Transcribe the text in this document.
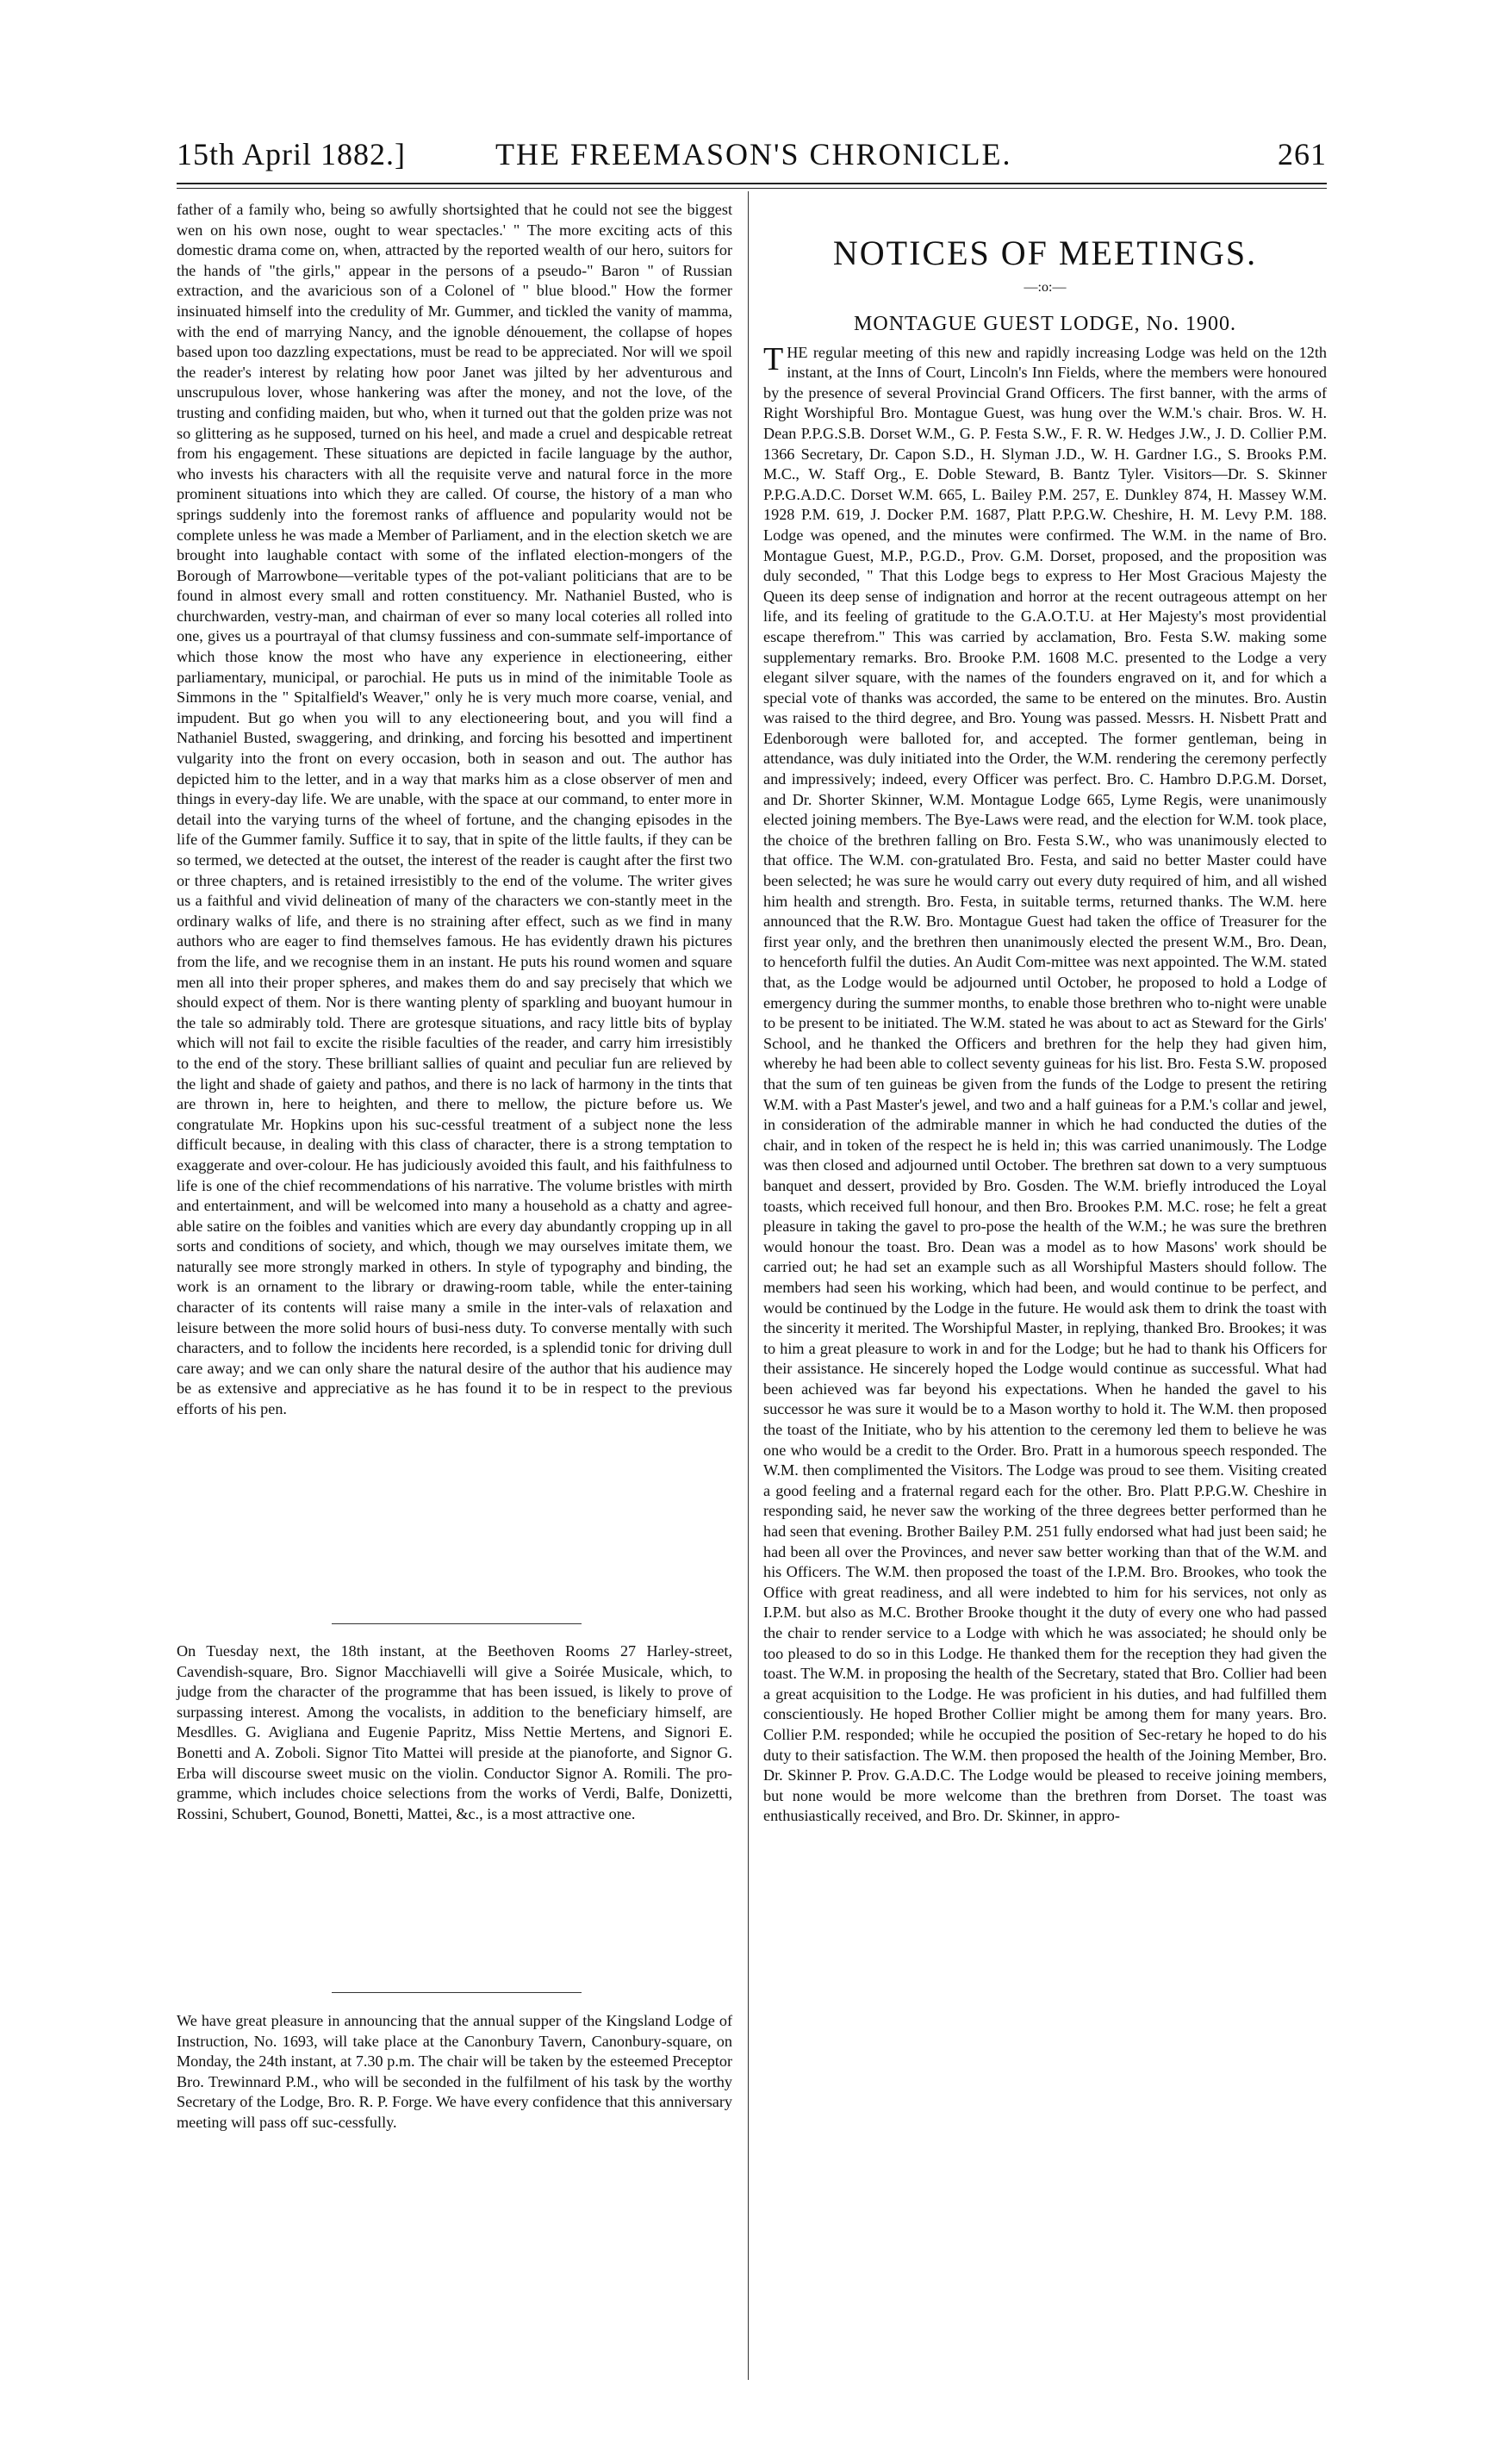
15th April 1882.]	THE FREEMASON'S CHRONICLE.	261

father of a family who, being so awfully shortsighted that he could not see the biggest wen on his own nose, ought to wear spectacles.' " The more exciting acts of this domestic drama come on, when, attracted by the reported wealth of our hero, suitors for the hands of "the girls," appear in the persons of a pseudo-" Baron " of Russian extraction, and the avaricious son of a Colonel of " blue blood." How the former insinuated himself into the credulity of Mr. Gummer, and tickled the vanity of mamma, with the end of marrying Nancy, and the ignoble dénouement, the collapse of hopes based upon too dazzling expectations, must be read to be appreciated. Nor will we spoil the reader's interest by relating how poor Janet was jilted by her adventurous and unscrupulous lover, whose hankering was after the money, and not the love, of the trusting and confiding maiden, but who, when it turned out that the golden prize was not so glittering as he supposed, turned on his heel, and made a cruel and despicable retreat from his engagement. These situations are depicted in facile language by the author, who invests his characters with all the requisite verve and natural force in the more prominent situations into which they are called. Of course, the history of a man who springs suddenly into the foremost ranks of affluence and popularity would not be complete unless he was made a Member of Parliament, and in the election sketch we are brought into laughable contact with some of the inflated election-mongers of the Borough of Marrowbone—veritable types of the pot-valiant politicians that are to be found in almost every small and rotten constituency. Mr. Nathaniel Busted, who is churchwarden, vestry-man, and chairman of ever so many local coteries all rolled into one, gives us a pourtrayal of that clumsy fussiness and con-summate self-importance of which those know the most who have any experience in electioneering, either parliamentary, municipal, or parochial. He puts us in mind of the inimitable Toole as Simmons in the " Spitalfield's Weaver," only he is very much more coarse, venial, and impudent. But go when you will to any electioneering bout, and you will find a Nathaniel Busted, swaggering, and drinking, and forcing his besotted and impertinent vulgarity into the front on every occasion, both in season and out. The author has depicted him to the letter, and in a way that marks him as a close observer of men and things in every-day life. We are unable, with the space at our command, to enter more in detail into the varying turns of the wheel of fortune, and the changing episodes in the life of the Gummer family. Suffice it to say, that in spite of the little faults, if they can be so termed, we detected at the outset, the interest of the reader is caught after the first two or three chapters, and is retained irresistibly to the end of the volume. The writer gives us a faithful and vivid delineation of many of the characters we con-stantly meet in the ordinary walks of life, and there is no straining after effect, such as we find in many authors who are eager to find themselves famous. He has evidently drawn his pictures from the life, and we recognise them in an instant. He puts his round women and square men all into their proper spheres, and makes them do and say precisely that which we should expect of them. Nor is there wanting plenty of sparkling and buoyant humour in the tale so admirably told. There are grotesque situations, and racy little bits of byplay which will not fail to excite the risible faculties of the reader, and carry him irresistibly to the end of the story. These brilliant sallies of quaint and peculiar fun are relieved by the light and shade of gaiety and pathos, and there is no lack of harmony in the tints that are thrown in, here to heighten, and there to mellow, the picture before us. We congratulate Mr. Hopkins upon his suc-cessful treatment of a subject none the less difficult because, in dealing with this class of character, there is a strong temptation to exaggerate and over-colour. He has judiciously avoided this fault, and his faithfulness to life is one of the chief recommendations of his narrative. The volume bristles with mirth and entertainment, and will be welcomed into many a household as a chatty and agree-able satire on the foibles and vanities which are every day abundantly cropping up in all sorts and conditions of society, and which, though we may ourselves imitate them, we naturally see more strongly marked in others. In style of typography and binding, the work is an ornament to the library or drawing-room table, while the enter-taining character of its contents will raise many a smile in the inter-vals of relaxation and leisure between the more solid hours of busi-ness duty. To converse mentally with such characters, and to follow the incidents here recorded, is a splendid tonic for driving dull care away; and we can only share the natural desire of the author that his audience may be as extensive and appreciative as he has found it to be in respect to the previous efforts of his pen.

On Tuesday next, the 18th instant, at the Beethoven Rooms 27 Harley-street, Cavendish-square, Bro. Signor Macchiavelli will give a Soirée Musicale, which, to judge from the character of the programme that has been issued, is likely to prove of surpassing interest. Among the vocalists, in addition to the beneficiary himself, are Mesdlles. G. Avigliana and Eugenie Papritz, Miss Nettie Mertens, and Signori E. Bonetti and A. Zoboli. Signor Tito Mattei will preside at the pianoforte, and Signor G. Erba will discourse sweet music on the violin. Conductor Signor A. Romili. The pro-gramme, which includes choice selections from the works of Verdi, Balfe, Donizetti, Rossini, Schubert, Gounod, Bonetti, Mattei, &c., is a most attractive one.

We have great pleasure in announcing that the annual supper of the Kingsland Lodge of Instruction, No. 1693, will take place at the Canonbury Tavern, Canonbury-square, on Monday, the 24th instant, at 7.30 p.m. The chair will be taken by the esteemed Preceptor Bro. Trewinnard P.M., who will be seconded in the fulfilment of his task by the worthy Secretary of the Lodge, Bro. R. P. Forge. We have every confidence that this anniversary meeting will pass off suc-cessfully.

NOTICES OF MEETINGS.
—:o:—
MONTAGUE GUEST LODGE, No. 1900.

THE regular meeting of this new and rapidly increasing Lodge was held on the 12th instant, at the Inns of Court, Lincoln's Inn Fields, where the members were honoured by the presence of several Provincial Grand Officers. The first banner, with the arms of Right Worshipful Bro. Montague Guest, was hung over the W.M.'s chair. Bros. W. H. Dean P.P.G.S.B. Dorset W.M., G. P. Festa S.W., F. R. W. Hedges J.W., J. D. Collier P.M. 1366 Secretary, Dr. Capon S.D., H. Slyman J.D., W. H. Gardner I.G., S. Brooks P.M. M.C., W. Staff Org., E. Doble Steward, B. Bantz Tyler. Visitors—Dr. S. Skinner P.P.G.A.D.C. Dorset W.M. 665, L. Bailey P.M. 257, E. Dunkley 874, H. Massey W.M. 1928 P.M. 619, J. Docker P.M. 1687, Platt P.P.G.W. Cheshire, H. M. Levy P.M. 188. Lodge was opened, and the minutes were confirmed. The W.M. in the name of Bro. Montague Guest, M.P., P.G.D., Prov. G.M. Dorset, proposed, and the proposition was duly seconded, " That this Lodge begs to express to Her Most Gracious Majesty the Queen its deep sense of indignation and horror at the recent outrageous attempt on her life, and its feeling of gratitude to the G.A.O.T.U. at Her Majesty's most providential escape therefrom." This was carried by acclamation, Bro. Festa S.W. making some supplementary remarks. Bro. Brooke P.M. 1608 M.C. presented to the Lodge a very elegant silver square, with the names of the founders engraved on it, and for which a special vote of thanks was accorded, the same to be entered on the minutes. Bro. Austin was raised to the third degree, and Bro. Young was passed. Messrs. H. Nisbett Pratt and Edenborough were balloted for, and accepted. The former gentleman, being in attendance, was duly initiated into the Order, the W.M. rendering the ceremony perfectly and impressively; indeed, every Officer was perfect. Bro. C. Hambro D.P.G.M. Dorset, and Dr. Shorter Skinner, W.M. Montague Lodge 665, Lyme Regis, were unanimously elected joining members. The Bye-Laws were read, and the election for W.M. took place, the choice of the brethren falling on Bro. Festa S.W., who was unanimously elected to that office. The W.M. con-gratulated Bro. Festa, and said no better Master could have been selected; he was sure he would carry out every duty required of him, and all wished him health and strength. Bro. Festa, in suitable terms, returned thanks. The W.M. here announced that the R.W. Bro. Montague Guest had taken the office of Treasurer for the first year only, and the brethren then unanimously elected the present W.M., Bro. Dean, to henceforth fulfil the duties. An Audit Com-mittee was next appointed. The W.M. stated that, as the Lodge would be adjourned until October, he proposed to hold a Lodge of emergency during the summer months, to enable those brethren who to-night were unable to be present to be initiated. The W.M. stated he was about to act as Steward for the Girls' School, and he thanked the Officers and brethren for the help they had given him, whereby he had been able to collect seventy guineas for his list. Bro. Festa S.W. proposed that the sum of ten guineas be given from the funds of the Lodge to present the retiring W.M. with a Past Master's jewel, and two and a half guineas for a P.M.'s collar and jewel, in consideration of the admirable manner in which he had conducted the duties of the chair, and in token of the respect he is held in; this was carried unanimously. The Lodge was then closed and adjourned until October. The brethren sat down to a very sumptuous banquet and dessert, provided by Bro. Gosden. The W.M. briefly introduced the Loyal toasts, which received full honour, and then Bro. Brookes P.M. M.C. rose; he felt a great pleasure in taking the gavel to pro-pose the health of the W.M.; he was sure the brethren would honour the toast. Bro. Dean was a model as to how Masons' work should be carried out; he had set an example such as all Worshipful Masters should follow. The members had seen his working, which had been, and would continue to be perfect, and would be continued by the Lodge in the future. He would ask them to drink the toast with the sincerity it merited. The Worshipful Master, in replying, thanked Bro. Brookes; it was to him a great pleasure to work in and for the Lodge; but he had to thank his Officers for their assistance. He sincerely hoped the Lodge would continue as successful. What had been achieved was far beyond his expectations. When he handed the gavel to his successor he was sure it would be to a Mason worthy to hold it. The W.M. then proposed the toast of the Initiate, who by his attention to the ceremony led them to believe he was one who would be a credit to the Order. Bro. Pratt in a humorous speech responded. The W.M. then complimented the Visitors. The Lodge was proud to see them. Visiting created a good feeling and a fraternal regard each for the other. Bro. Platt P.P.G.W. Cheshire in responding said, he never saw the working of the three degrees better performed than he had seen that evening. Brother Bailey P.M. 251 fully endorsed what had just been said; he had been all over the Provinces, and never saw better working than that of the W.M. and his Officers. The W.M. then proposed the toast of the I.P.M. Bro. Brookes, who took the Office with great readiness, and all were indebted to him for his services, not only as I.P.M. but also as M.C. Brother Brooke thought it the duty of every one who had passed the chair to render service to a Lodge with which he was associated; he should only be too pleased to do so in this Lodge. He thanked them for the reception they had given the toast. The W.M. in proposing the health of the Secretary, stated that Bro. Collier had been a great acquisition to the Lodge. He was proficient in his duties, and had fulfilled them conscientiously. He hoped Brother Collier might be among them for many years. Bro. Collier P.M. responded; while he occupied the position of Sec-retary he hoped to do his duty to their satisfaction. The W.M. then proposed the health of the Joining Member, Bro. Dr. Skinner P. Prov. G.A.D.C. The Lodge would be pleased to receive joining members, but none would be more welcome than the brethren from Dorset. The toast was enthusiastically received, and Bro. Dr. Skinner, in appro-
